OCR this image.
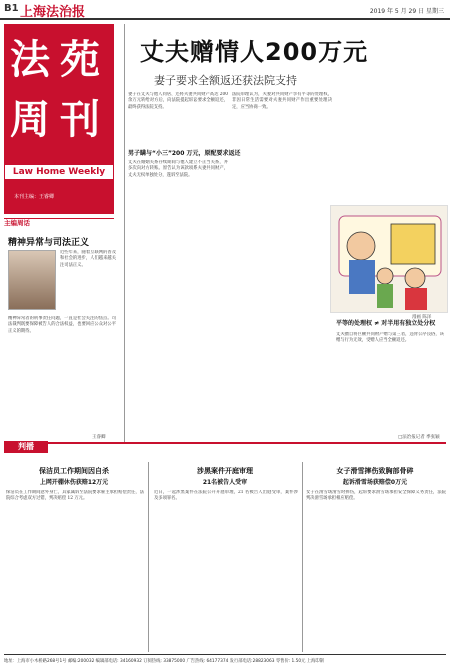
B1 上海法治报	2019 年 5 月 29 日 星期三
法 苑
周 刊
Law Home Weekly
本刊主编：王睿卿
丈夫赠情人200万元
妻子要求全额返还获法院支持
妻子在丈夫与他人同居、还将夫妻共同财产高达 200 余万元转给对方后，向法院提起诉讼要求全额返还，最终获得法院支持。
男子瞒与“小三”200 万元，原配要求返还
丈夫在婚姻关系存续期间与他人建立不正当关系，并多次向对方转账。原告认为该款项系夫妻共同财产，丈夫无权单独处分，遂诉至法院。
法院审理认为，夫妻对共同财产享有平等的处理权，非因日常生活需要对夫妻共同财产作出重要处理决定，应当协商一致。
平等的处理权 ≠ 对半用有独立处分权
丈夫擅自将巨额共同财产赠与第三者，违背公序良俗，该赠与行为无效，受赠人应当全额返还。
□法治报记者 季张颖
漫画 陈泽
主编周话
精神异常与司法正义
近些年来，随着互联网的普及和社会的进步，人们越来越关注司法正义。
精神异常者的刑事责任问题，一直是社会关注的焦点。司法裁判既要保障被告人的合法权益，也要回应公众对公平正义的期待。
王睿卿
判播
保洁员工作期间因自杀
上网开棚休伤获赔12万元
保洁员在工作期间意外身亡，其家属诉至法院要求雇主承担赔偿责任，法院综合考虑双方过错，判决赔偿 12 万元。
涉黑案件开庭审理
21名被告人受审
近日，一起涉黑案件在法院公开开庭审理，21 名被告人出庭受审，案件涉及多项罪名。
女子滑雪摔伤致胸部骨碎
起诉滑雪场获赔偿0万元
女子在滑雪场滑雪时摔伤，起诉要求滑雪场承担安全保障义务责任，法院判决滑雪场承担相应赔偿。
地址：上海市小木桥路268号1号 邮编:200032 编辑部电话: 34160932 订阅热线: 33875000 广告热线: 64177374 发行部电话:28823063 零售价: 1.50元 上海印制
